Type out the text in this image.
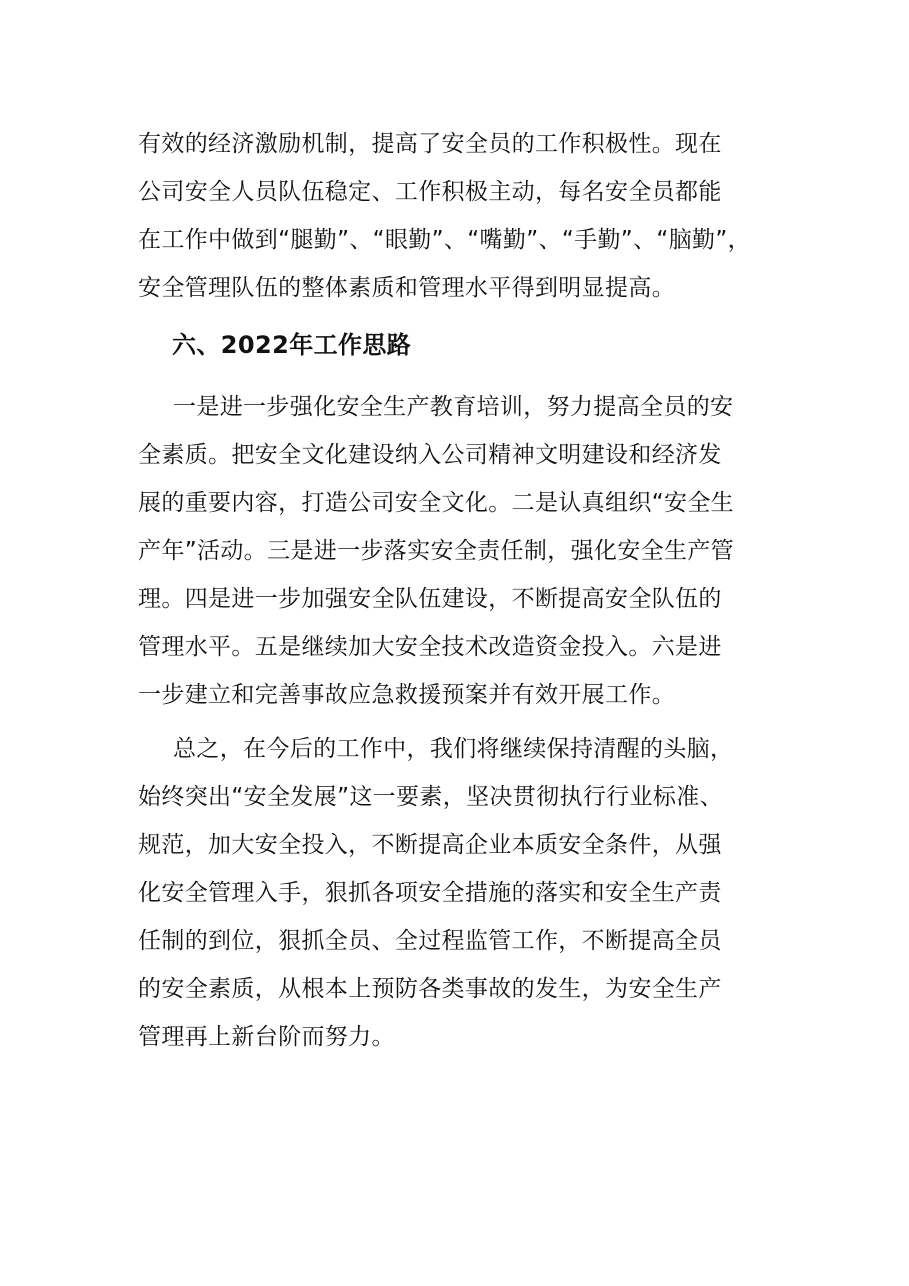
有效的经济激励机制，提高了安全员的工作积极性。现在
公司安全人员队伍稳定、工作积极主动，每名安全员都能
在工作中做到“腿勤”、“眼勤”、“嘴勤”、“手勤”、“脑勤”，
安全管理队伍的整体素质和管理水平得到明显提高。
六、2022年工作思路
一是进一步强化安全生产教育培训，努力提高全员的安
全素质。把安全文化建设纳入公司精神文明建设和经济发
展的重要内容，打造公司安全文化。二是认真组织“安全生
产年”活动。三是进一步落实安全责任制，强化安全生产管
理。四是进一步加强安全队伍建设，不断提高安全队伍的
管理水平。五是继续加大安全技术改造资金投入。六是进
一步建立和完善事故应急救援预案并有效开展工作。
总之，在今后的工作中，我们将继续保持清醒的头脑，
始终突出“安全发展”这一要素，坚决贯彻执行行业标准、
规范，加大安全投入，不断提高企业本质安全条件，从强
化安全管理入手，狠抓各项安全措施的落实和安全生产责
任制的到位，狠抓全员、全过程监管工作，不断提高全员
的安全素质，从根本上预防各类事故的发生，为安全生产
管理再上新台阶而努力。
